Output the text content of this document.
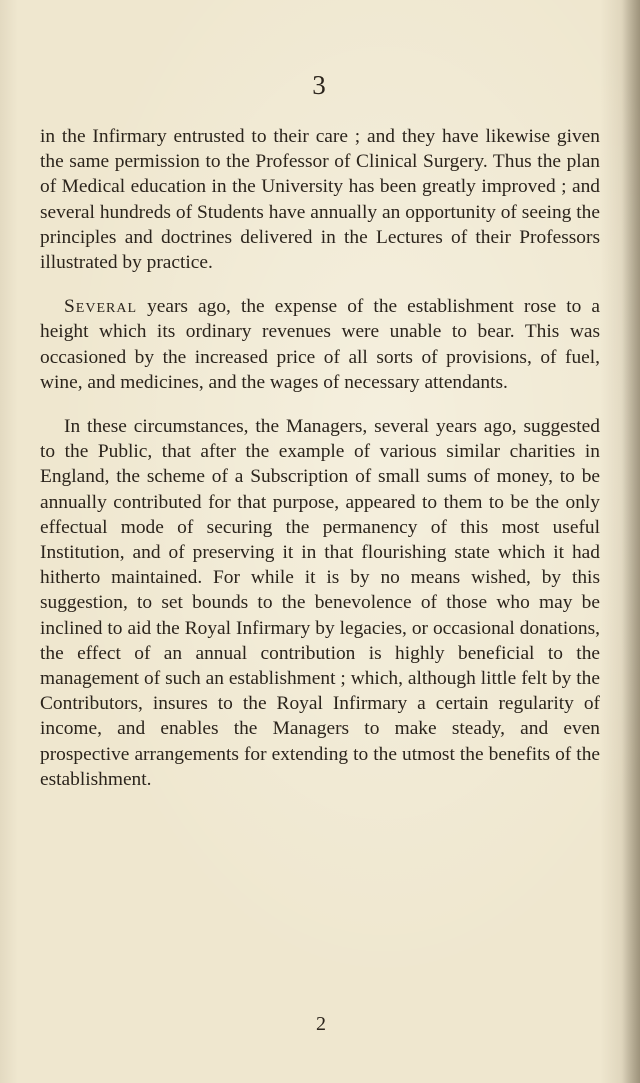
3

in the Infirmary entrusted to their care ; and they have likewise given the same permission to the Professor of Clinical Surgery. Thus the plan of Medical education in the University has been greatly improved ; and several hundreds of Students have annually an opportunity of seeing the principles and doctrines delivered in the Lectures of their Professors illustrated by practice.

Several years ago, the expense of the establishment rose to a height which its ordinary revenues were unable to bear. This was occasioned by the increased price of all sorts of provisions, of fuel, wine, and medicines, and the wages of necessary attendants.

In these circumstances, the Managers, several years ago, suggested to the Public, that after the example of various similar charities in England, the scheme of a Subscription of small sums of money, to be annually contributed for that purpose, appeared to them to be the only effectual mode of securing the permanency of this most useful Institution, and of preserving it in that flourishing state which it had hitherto maintained. For while it is by no means wished, by this suggestion, to set bounds to the benevolence of those who may be inclined to aid the Royal Infirmary by legacies, or occasional donations, the effect of an annual contribution is highly beneficial to the management of such an establishment ; which, although little felt by the Contributors, insures to the Royal Infirmary a certain regularity of income, and enables the Managers to make steady, and even prospective arrangements for extending to the utmost the benefits of the establishment.

2
